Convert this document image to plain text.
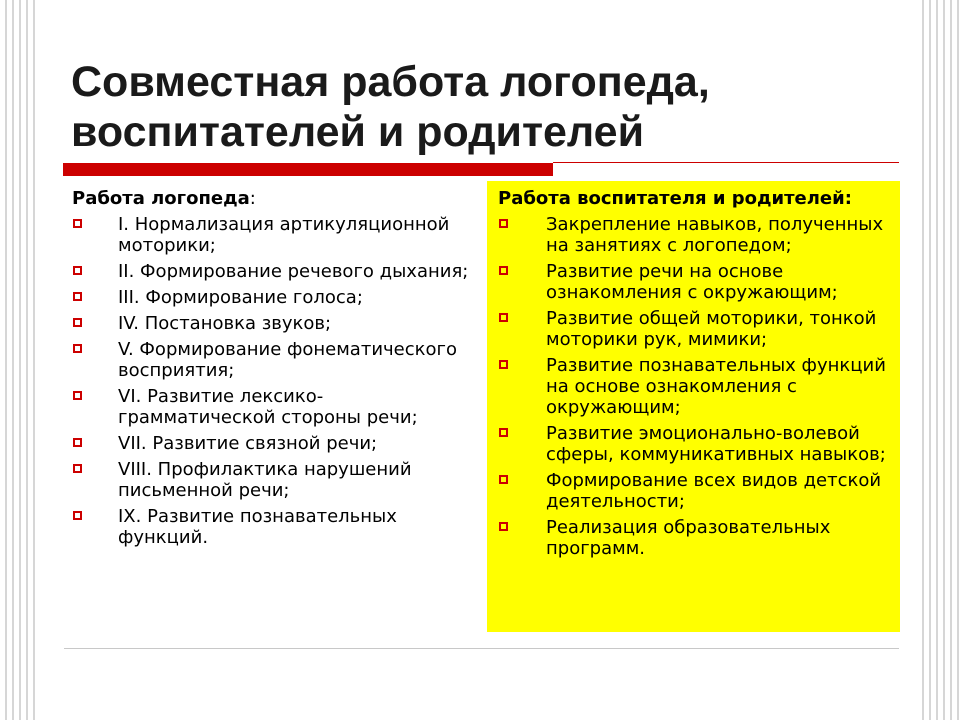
Совместная работа логопеда,
воспитателей и родителей
Работа логопеда:
I. Нормализация артикуляционной моторики;
II. Формирование речевого дыхания;
III. Формирование голоса;
IV. Постановка звуков;
V. Формирование фонематического восприятия;
VI. Развитие лексико-грамматической стороны речи;
VII. Развитие связной речи;
VIII. Профилактика нарушений письменной речи;
IX. Развитие познавательных функций.
Работа воспитателя и родителей:
Закрепление навыков, полученных на занятиях с логопедом;
Развитие речи на основе ознакомления с окружающим;
Развитие общей моторики, тонкой моторики рук, мимики;
Развитие познавательных функций на основе ознакомления с окружающим;
Развитие эмоционально-волевой сферы, коммуникативных навыков;
Формирование всех видов детской деятельности;
Реализация образовательных программ.
